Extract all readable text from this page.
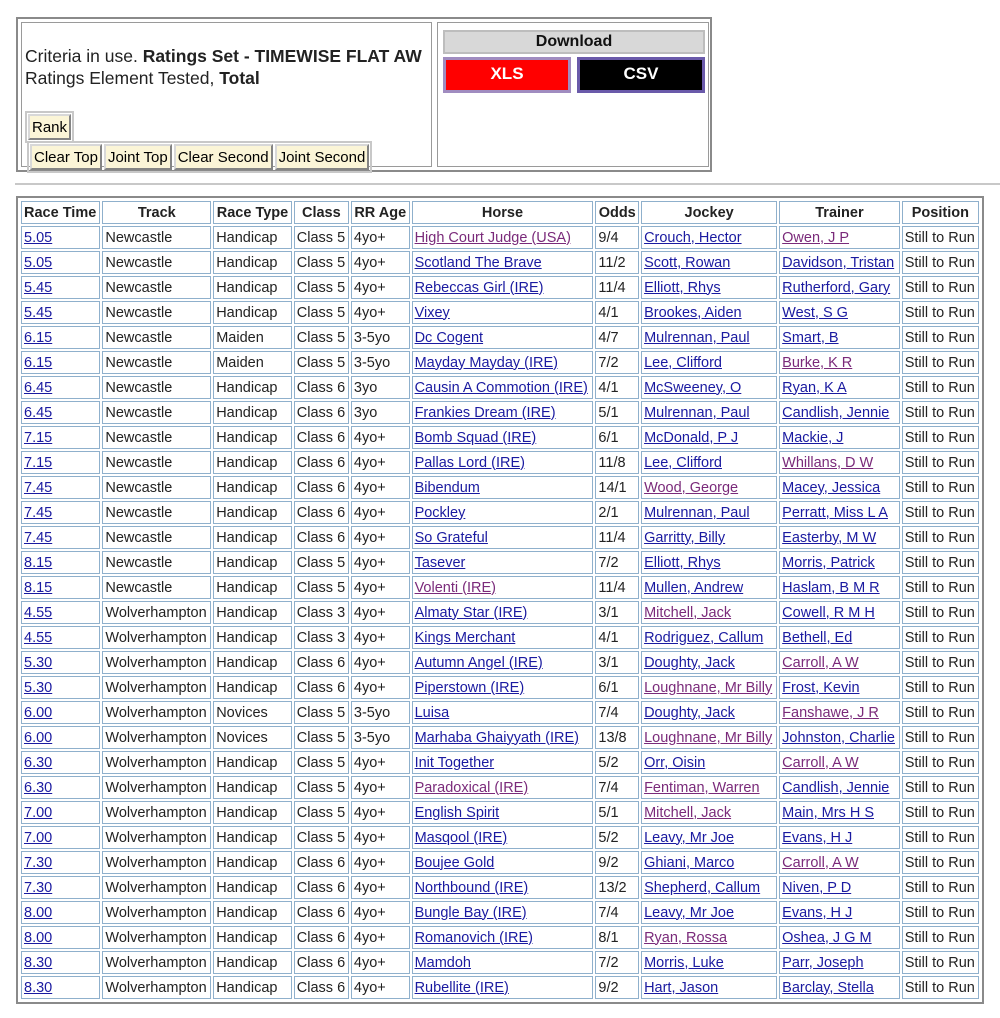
Criteria in use. Ratings Set - TIMEWISE FLAT AW
Ratings Element Tested, Total
Rank
Clear Top Joint Top Clear Second Joint Second
Download
XLS	CSV
Race Time	Track	Race Type	Class	RR Age	Horse	Odds	Jockey	Trainer	Position
5.05	Newcastle	Handicap	Class 5	4yo+	High Court Judge (USA)	9/4	Crouch, Hector	Owen, J P	Still to Run
5.05	Newcastle	Handicap	Class 5	4yo+	Scotland The Brave	11/2	Scott, Rowan	Davidson, Tristan	Still to Run
5.45	Newcastle	Handicap	Class 5	4yo+	Rebeccas Girl (IRE)	11/4	Elliott, Rhys	Rutherford, Gary	Still to Run
5.45	Newcastle	Handicap	Class 5	4yo+	Vixey	4/1	Brookes, Aiden	West, S G	Still to Run
6.15	Newcastle	Maiden	Class 5	3-5yo	Dc Cogent	4/7	Mulrennan, Paul	Smart, B	Still to Run
6.15	Newcastle	Maiden	Class 5	3-5yo	Mayday Mayday (IRE)	7/2	Lee, Clifford	Burke, K R	Still to Run
6.45	Newcastle	Handicap	Class 6	3yo	Causin A Commotion (IRE)	4/1	McSweeney, O	Ryan, K A	Still to Run
6.45	Newcastle	Handicap	Class 6	3yo	Frankies Dream (IRE)	5/1	Mulrennan, Paul	Candlish, Jennie	Still to Run
7.15	Newcastle	Handicap	Class 6	4yo+	Bomb Squad (IRE)	6/1	McDonald, P J	Mackie, J	Still to Run
7.15	Newcastle	Handicap	Class 6	4yo+	Pallas Lord (IRE)	11/8	Lee, Clifford	Whillans, D W	Still to Run
7.45	Newcastle	Handicap	Class 6	4yo+	Bibendum	14/1	Wood, George	Macey, Jessica	Still to Run
7.45	Newcastle	Handicap	Class 6	4yo+	Pockley	2/1	Mulrennan, Paul	Perratt, Miss L A	Still to Run
7.45	Newcastle	Handicap	Class 6	4yo+	So Grateful	11/4	Garritty, Billy	Easterby, M W	Still to Run
8.15	Newcastle	Handicap	Class 5	4yo+	Tasever	7/2	Elliott, Rhys	Morris, Patrick	Still to Run
8.15	Newcastle	Handicap	Class 5	4yo+	Volenti (IRE)	11/4	Mullen, Andrew	Haslam, B M R	Still to Run
4.55	Wolverhampton	Handicap	Class 3	4yo+	Almaty Star (IRE)	3/1	Mitchell, Jack	Cowell, R M H	Still to Run
4.55	Wolverhampton	Handicap	Class 3	4yo+	Kings Merchant	4/1	Rodriguez, Callum	Bethell, Ed	Still to Run
5.30	Wolverhampton	Handicap	Class 6	4yo+	Autumn Angel (IRE)	3/1	Doughty, Jack	Carroll, A W	Still to Run
5.30	Wolverhampton	Handicap	Class 6	4yo+	Piperstown (IRE)	6/1	Loughnane, Mr Billy	Frost, Kevin	Still to Run
6.00	Wolverhampton	Novices	Class 5	3-5yo	Luisa	7/4	Doughty, Jack	Fanshawe, J R	Still to Run
6.00	Wolverhampton	Novices	Class 5	3-5yo	Marhaba Ghaiyyath (IRE)	13/8	Loughnane, Mr Billy	Johnston, Charlie	Still to Run
6.30	Wolverhampton	Handicap	Class 5	4yo+	Init Together	5/2	Orr, Oisin	Carroll, A W	Still to Run
6.30	Wolverhampton	Handicap	Class 5	4yo+	Paradoxical (IRE)	7/4	Fentiman, Warren	Candlish, Jennie	Still to Run
7.00	Wolverhampton	Handicap	Class 5	4yo+	English Spirit	5/1	Mitchell, Jack	Main, Mrs H S	Still to Run
7.00	Wolverhampton	Handicap	Class 5	4yo+	Masqool (IRE)	5/2	Leavy, Mr Joe	Evans, H J	Still to Run
7.30	Wolverhampton	Handicap	Class 6	4yo+	Boujee Gold	9/2	Ghiani, Marco	Carroll, A W	Still to Run
7.30	Wolverhampton	Handicap	Class 6	4yo+	Northbound (IRE)	13/2	Shepherd, Callum	Niven, P D	Still to Run
8.00	Wolverhampton	Handicap	Class 6	4yo+	Bungle Bay (IRE)	7/4	Leavy, Mr Joe	Evans, H J	Still to Run
8.00	Wolverhampton	Handicap	Class 6	4yo+	Romanovich (IRE)	8/1	Ryan, Rossa	Oshea, J G M	Still to Run
8.30	Wolverhampton	Handicap	Class 6	4yo+	Mamdoh	7/2	Morris, Luke	Parr, Joseph	Still to Run
8.30	Wolverhampton	Handicap	Class 6	4yo+	Rubellite (IRE)	9/2	Hart, Jason	Barclay, Stella	Still to Run
